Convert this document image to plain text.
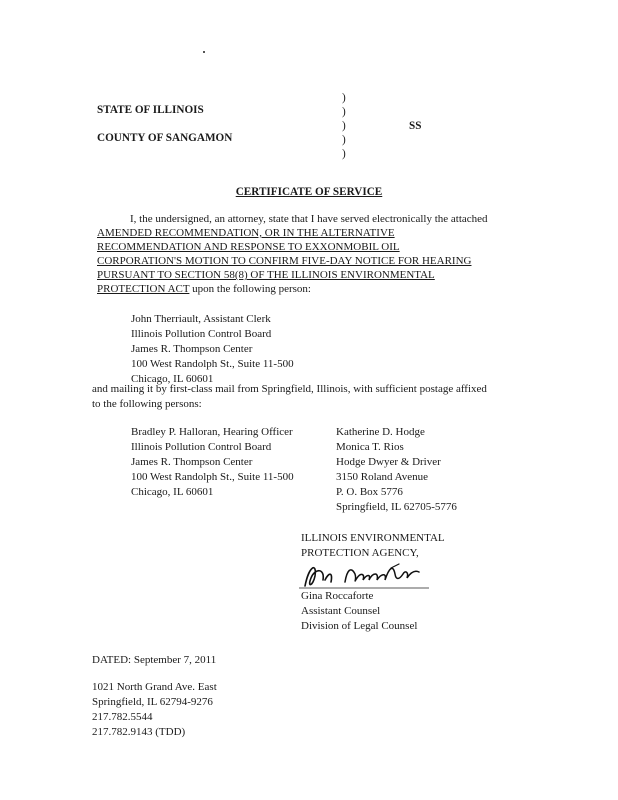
STATE OF ILLINOIS
COUNTY OF SANGAMON
)
)
)
)
)
SS
CERTIFICATE OF SERVICE
I, the undersigned, an attorney, state that I have served electronically the attached
AMENDED RECOMMENDATION, OR IN THE ALTERNATIVE
RECOMMENDATION AND RESPONSE TO EXXONMOBIL OIL
CORPORATION'S MOTION TO CONFIRM FIVE-DAY NOTICE FOR HEARING
PURSUANT TO SECTION 58(8) OF THE ILLINOIS ENVIRONMENTAL
PROTECTION ACT upon the following person:
John Therriault, Assistant Clerk
Illinois Pollution Control Board
James R. Thompson Center
100 West Randolph St., Suite 11-500
Chicago, IL 60601
and mailing it by first-class mail from Springfield, Illinois, with sufficient postage affixed
to the following persons:
Bradley P. Halloran, Hearing Officer
Illinois Pollution Control Board
James R. Thompson Center
100 West Randolph St., Suite 11-500
Chicago, IL 60601
Katherine D. Hodge
Monica T. Rios
Hodge Dwyer & Driver
3150 Roland Avenue
P. O. Box 5776
Springfield, IL 62705-5776
ILLINOIS ENVIRONMENTAL
PROTECTION AGENCY,
Gina Roccaforte
Assistant Counsel
Division of Legal Counsel
DATED: September 7, 2011
1021 North Grand Ave. East
Springfield, IL 62794-9276
217.782.5544
217.782.9143 (TDD)
